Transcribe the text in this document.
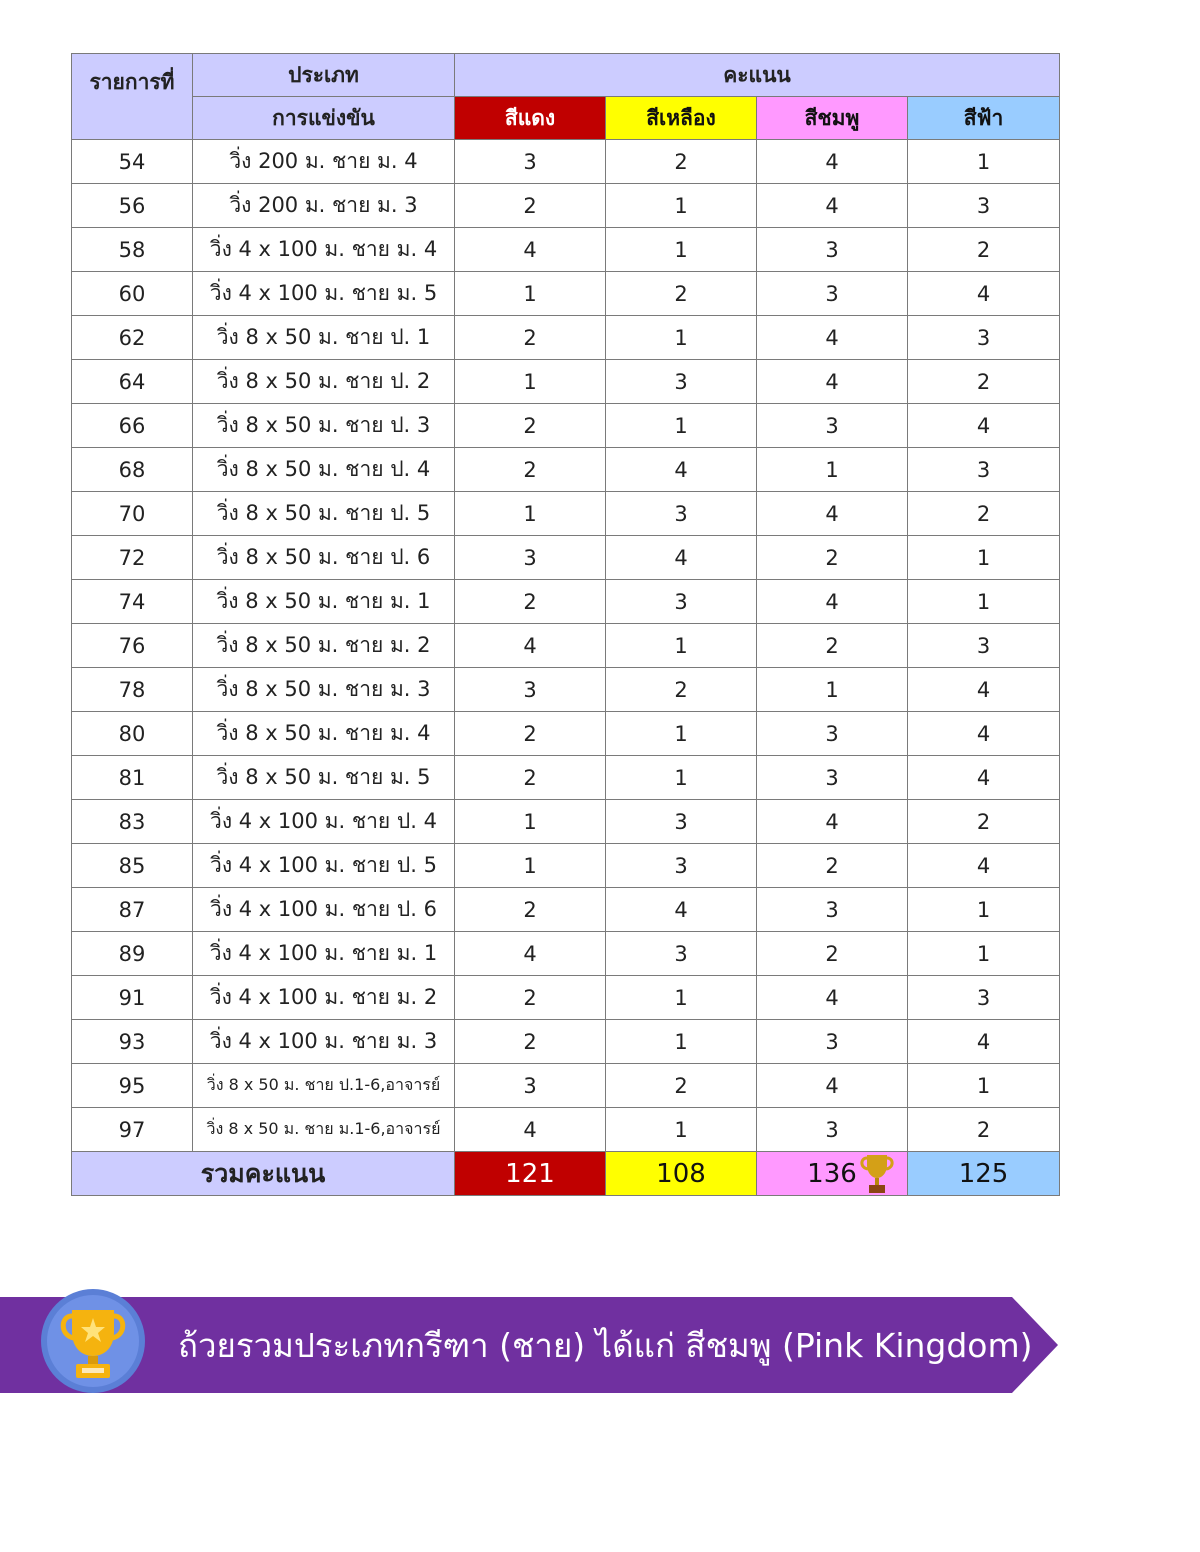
รายการที่	ประเภท	คะแนน			
	การแข่งขัน	สีแดง	สีเหลือง	สีชมพู	สีฟ้า
54	วิ่ง 200 ม. ชาย ม. 4	3	2	4	1
56	วิ่ง 200 ม. ชาย ม. 3	2	1	4	3
58	วิ่ง 4 x 100 ม. ชาย ม. 4	4	1	3	2
60	วิ่ง 4 x 100 ม. ชาย ม. 5	1	2	3	4
62	วิ่ง 8 x 50 ม. ชาย ป. 1	2	1	4	3
64	วิ่ง 8 x 50 ม. ชาย ป. 2	1	3	4	2
66	วิ่ง 8 x 50 ม. ชาย ป. 3	2	1	3	4
68	วิ่ง 8 x 50 ม. ชาย ป. 4	2	4	1	3
70	วิ่ง 8 x 50 ม. ชาย ป. 5	1	3	4	2
72	วิ่ง 8 x 50 ม. ชาย ป. 6	3	4	2	1
74	วิ่ง 8 x 50 ม. ชาย ม. 1	2	3	4	1
76	วิ่ง 8 x 50 ม. ชาย ม. 2	4	1	2	3
78	วิ่ง 8 x 50 ม. ชาย ม. 3	3	2	1	4
80	วิ่ง 8 x 50 ม. ชาย ม. 4	2	1	3	4
81	วิ่ง 8 x 50 ม. ชาย ม. 5	2	1	3	4
83	วิ่ง 4 x 100 ม. ชาย ป. 4	1	3	4	2
85	วิ่ง 4 x 100 ม. ชาย ป. 5	1	3	2	4
87	วิ่ง 4 x 100 ม. ชาย ป. 6	2	4	3	1
89	วิ่ง 4 x 100 ม. ชาย ม. 1	4	3	2	1
91	วิ่ง 4 x 100 ม. ชาย ม. 2	2	1	4	3
93	วิ่ง 4 x 100 ม. ชาย ม. 3	2	1	3	4
95	วิ่ง 8 x 50 ม. ชาย ป.1-6,อาจารย์	3	2	4	1
97	วิ่ง 8 x 50 ม. ชาย ม.1-6,อาจารย์	4	1	3	2
รวมคะแนน		121	108	136	125
ถ้วยรวมประเภทกรีฑา (ชาย) ได้แก่ สีชมพู (Pink Kingdom)
